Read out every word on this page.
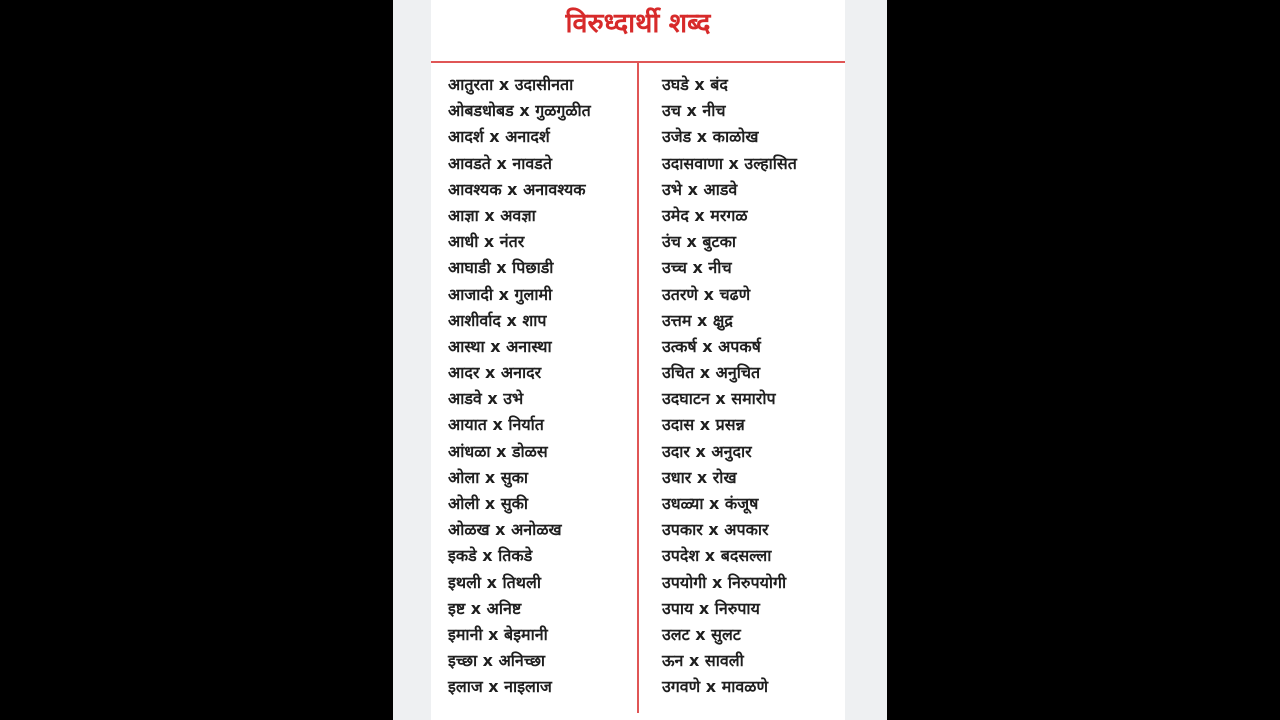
विरुध्दार्थी शब्द
आतुरता x उदासीनता
ओबडधोबड x गुळगुळीत
आदर्श x अनादर्श
आवडते x नावडते
आवश्यक x अनावश्यक
आज्ञा x अवज्ञा
आधी x नंतर
आघाडी x पिछाडी
आजादी x गुलामी
आशीर्वाद x शाप
आस्था x अनास्था
आदर x अनादर
आडवे x उभे
आयात x निर्यात
आंधळा x डोळस
ओला x सुका
ओली x सुकी
ओळख x अनोळख
इकडे x तिकडे
इथली x तिथली
इष्ट x अनिष्ट
इमानी x बेइमानी
इच्छा x अनिच्छा
इलाज x नाइलाज
उघडे x बंद
उच x नीच
उजेड x काळोख
उदासवाणा x उल्हासित
उभे x आडवे
उमेद x मरगळ
उंच x बुटका
उच्च x नीच
उतरणे x चढणे
उत्तम x क्षुद्र
उत्कर्ष x अपकर्ष
उचित x अनुचित
उदघाटन x समारोप
उदास x प्रसन्न
उदार x अनुदार
उधार x रोख
उधळ्या x कंजूष
उपकार x अपकार
उपदेश x बदसल्ला
उपयोगी x निरुपयोगी
उपाय x निरुपाय
उलट x सुलट
ऊन x सावली
उगवणे x मावळणे
